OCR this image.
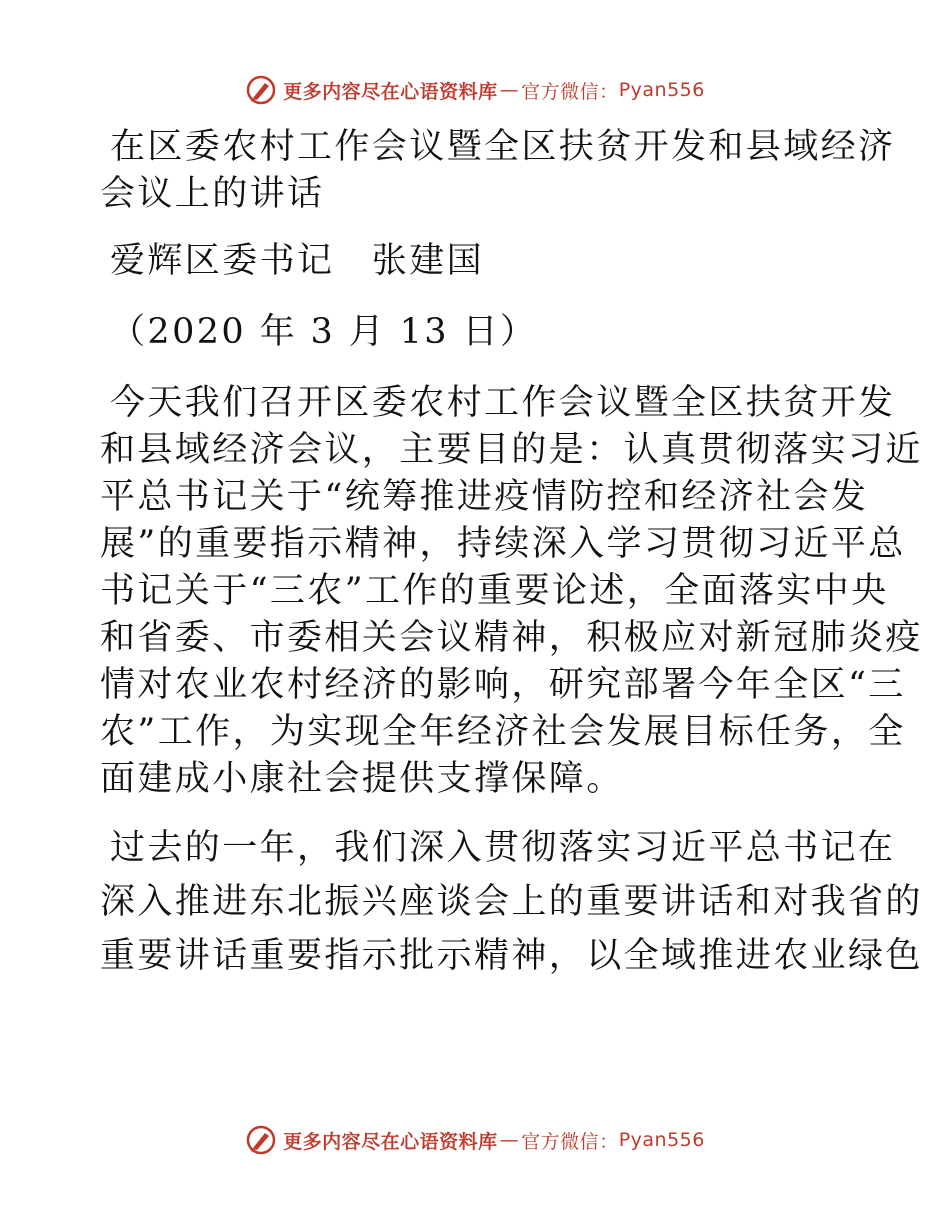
更多内容尽在心语资料库 — 官方微信： Pyan556

在区委农村工作会议暨全区扶贫开发和县域经济

会议上的讲话

爱辉区委书记　张建国

（2020 年 3 月 13 日）

今天我们召开区委农村工作会议暨全区扶贫开发

和县域经济会议，主要目的是：认真贯彻落实习近

平总书记关于“统筹推进疫情防控和经济社会发

展”的重要指示精神，持续深入学习贯彻习近平总

书记关于“三农”工作的重要论述，全面落实中央

和省委、市委相关会议精神，积极应对新冠肺炎疫

情对农业农村经济的影响，研究部署今年全区“三

农”工作，为实现全年经济社会发展目标任务，全

面建成小康社会提供支撑保障。

过去的一年，我们深入贯彻落实习近平总书记在

深入推进东北振兴座谈会上的重要讲话和对我省的

重要讲话重要指示批示精神，以全域推进农业绿色

更多内容尽在心语资料库 — 官方微信： Pyan556
